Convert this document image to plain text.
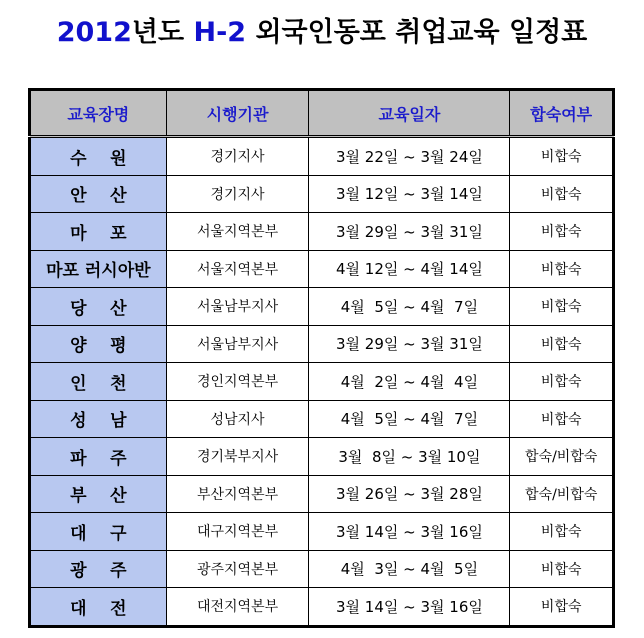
2012년도 H-2 외국인동포 취업교육 일정표
교육장명	시행기관	교육일자	합숙여부
수    원	경기지사	3월 22일 ~ 3월 24일	비합숙
안    산	경기지사	3월 12일 ~ 3월 14일	비합숙
마    포	서울지역본부	3월 29일 ~ 3월 31일	비합숙
마포 러시아반	서울지역본부	4월 12일 ~ 4월 14일	비합숙
당    산	서울남부지사	4월  5일 ~ 4월  7일	비합숙
양    평	서울남부지사	3월 29일 ~ 3월 31일	비합숙
인    천	경인지역본부	4월  2일 ~ 4월  4일	비합숙
성    남	성남지사	4월  5일 ~ 4월  7일	비합숙
파    주	경기북부지사	3월  8일 ~ 3월 10일	합숙/비합숙
부    산	부산지역본부	3월 26일 ~ 3월 28일	합숙/비합숙
대    구	대구지역본부	3월 14일 ~ 3월 16일	비합숙
광    주	광주지역본부	4월  3일 ~ 4월  5일	비합숙
대    전	대전지역본부	3월 14일 ~ 3월 16일	비합숙
